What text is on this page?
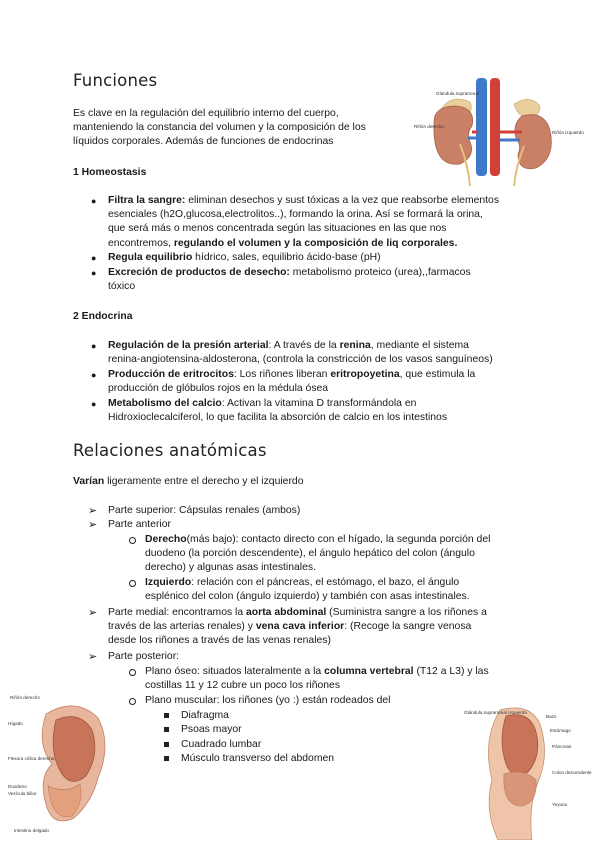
Funciones

Es clave en la regulación del equilibrio interno del cuerpo,

manteniendo la constancia del volumen y la composición de los

líquidos corporales. Además de funciones de endocrinas

1 Homeostasis

● Filtra la sangre: eliminan desechos y sust tóxicas a la vez que reabsorbe elementos

esenciales (h2O,glucosa,electrolitos..), formando la orina. Así se formará la orina,

que será más o menos concentrada según las situaciones en las que nos

encontremos, regulando el volumen y la composición de liq corporales.

● Regula equilibrio hídrico, sales, equilibrio ácido-base (pH)

● Excreción de productos de desecho: metabolismo proteico (urea),,farmacos

tóxico

2 Endocrina

● Regulación de la presión arterial: A través de la renina, mediante el sistema

renina-angiotensina-aldosterona, (controla la constricción de los vasos sanguíneos)

● Producción de eritrocitos: Los riñones liberan eritropoyetina, que estimula la

producción de glóbulos rojos en la médula ósea

● Metabolismo del calcio: Activan la vitamina D transformándola en

Hidroxioclecalciferol, lo que facilita la absorción de calcio en los intestinos

Riñón derecho
Glándula suprarrenal
Riñón izquierdo
Relaciones anatómicas

Varían ligeramente entre el derecho y el izquierdo

➢ Parte superior: Cápsulas renales (ambos)

➢ Parte anterior

Derecho(más bajo): contacto directo con el hígado, la segunda porción del

duodeno (la porción descendente), el ángulo hepático del colon (ángulo

derecho) y algunas asas intestinales.

Izquierdo: relación con el páncreas, el estómago, el bazo, el ángulo

esplénico del colon (ángulo izquierdo) y también con asas intestinales.

➢ Parte medial: encontramos la aorta abdominal (Suministra sangre a los riñones a

través de las arterias renales) y vena cava inferior: (Recoge la sangre venosa

desde los riñones a través de las venas renales)

➢ Parte posterior:

Plano óseo: situados lateralmente a la columna vertebral (T12 a L3) y las

costillas 11 y 12 cubre un poco los riñones

Plano muscular: los riñones (yo :) están rodeados del

Diafragma

Psoas mayor

Cuadrado lumbar

Músculo transverso del abdomen

Riñón derecho
Hígado
Flexura cólica derecha
Duodeno
Vesícula biliar
Intestino delgado
Glándula suprarrenal izquierda
Bazo
Estómago
Páncreas
Colon descendente
Yeyuno
